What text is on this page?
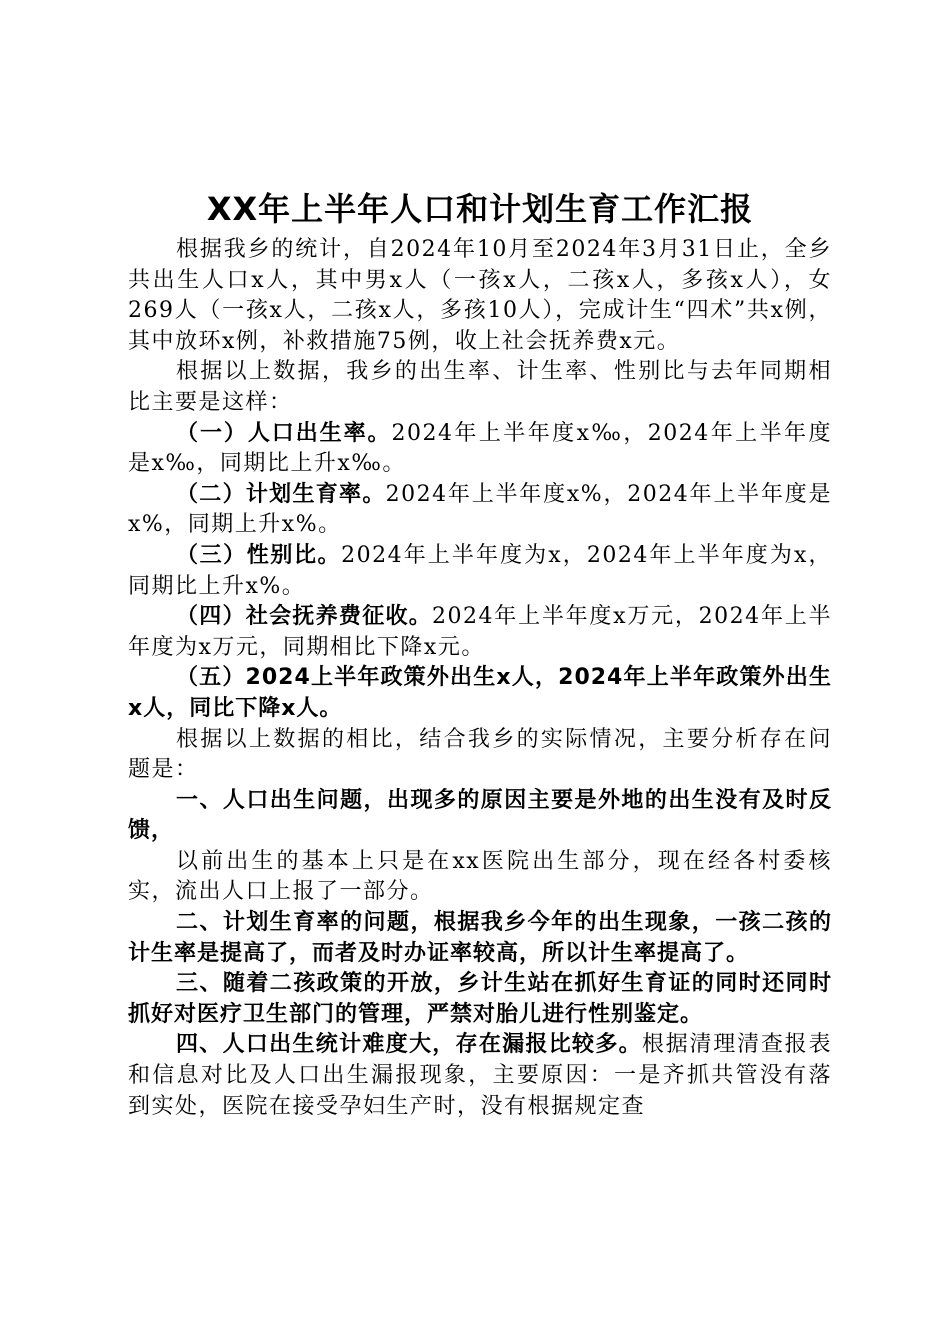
XX年上半年人口和计划生育工作汇报

根据我乡的统计，自2024年10月至2024年3月31日止，全乡共出生人口x人，其中男x人（一孩x人，二孩x人，多孩x人），女269人（一孩x人，二孩x人，多孩10人），完成计生“四术”共x例，其中放环x例，补救措施75例，收上社会抚养费x元。

根据以上数据，我乡的出生率、计生率、性别比与去年同期相比主要是这样：

（一）人口出生率。2024年上半年度x‰，2024年上半年度是x‰，同期比上升x‰。

（二）计划生育率。2024年上半年度x%，2024年上半年度是x%，同期上升x%。

（三）性别比。2024年上半年度为x，2024年上半年度为x，同期比上升x%。

（四）社会抚养费征收。2024年上半年度x万元，2024年上半年度为x万元，同期相比下降x元。

（五）2024上半年政策外出生x人，2024年上半年政策外出生x人，同比下降x人。

根据以上数据的相比，结合我乡的实际情况，主要分析存在问题是：

一、人口出生问题，出现多的原因主要是外地的出生没有及时反馈，

以前出生的基本上只是在xx医院出生部分，现在经各村委核实，流出人口上报了一部分。

二、计划生育率的问题，根据我乡今年的出生现象，一孩二孩的计生率是提高了，而者及时办证率较高，所以计生率提高了。

三、随着二孩政策的开放，乡计生站在抓好生育证的同时还同时抓好对医疗卫生部门的管理，严禁对胎儿进行性别鉴定。

四、人口出生统计难度大，存在漏报比较多。根据清理清查报表和信息对比及人口出生漏报现象，主要原因：一是齐抓共管没有落到实处，医院在接受孕妇生产时，没有根据规定查
